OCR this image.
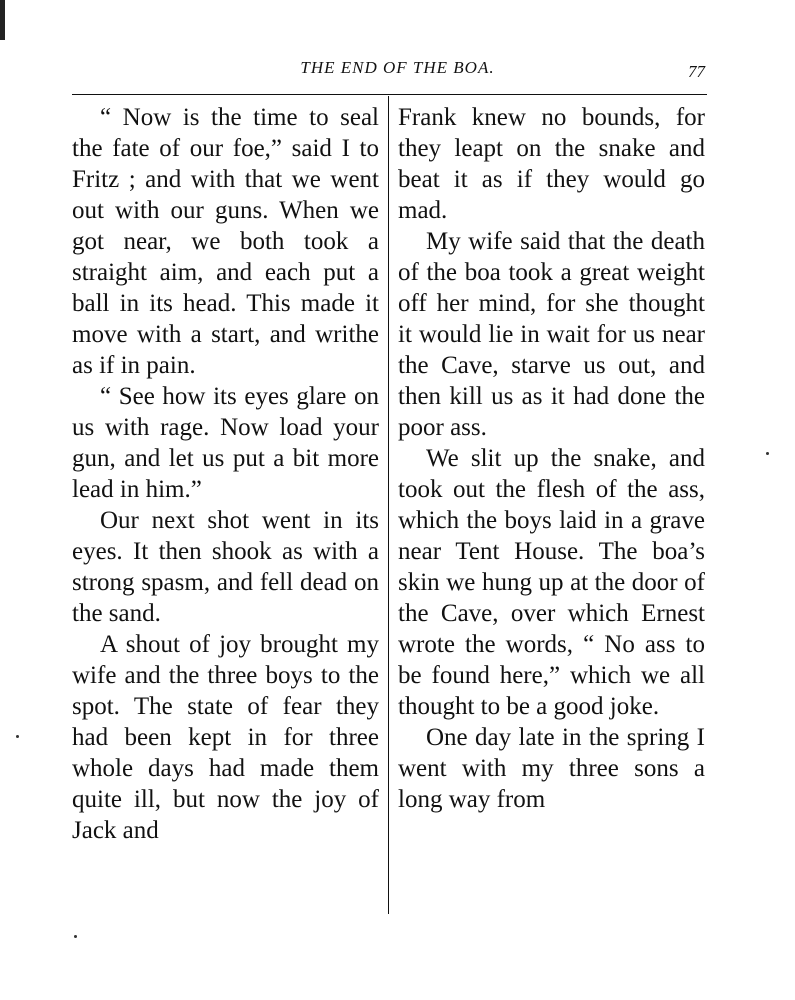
THE END OF THE BOA.	77

“ Now is the time to seal the fate of our foe,” said I to Fritz ; and with that we went out with our guns. When we got near, we both took a straight aim, and each put a ball in its head. This made it move with a start, and writhe as if in pain.

“ See how its eyes glare on us with rage. Now load your gun, and let us put a bit more lead in him.”

Our next shot went in its eyes. It then shook as with a strong spasm, and fell dead on the sand.

A shout of joy brought my wife and the three boys to the spot. The state of fear they had been kept in for three whole days had made them quite ill, but now the joy of Jack and

Frank knew no bounds, for they leapt on the snake and beat it as if they would go mad.

My wife said that the death of the boa took a great weight off her mind, for she thought it would lie in wait for us near the Cave, starve us out, and then kill us as it had done the poor ass.

We slit up the snake, and took out the flesh of the ass, which the boys laid in a grave near Tent House. The boa’s skin we hung up at the door of the Cave, over which Ernest wrote the words, “ No ass to be found here,” which we all thought to be a good joke.

One day late in the spring I went with my three sons a long way from
